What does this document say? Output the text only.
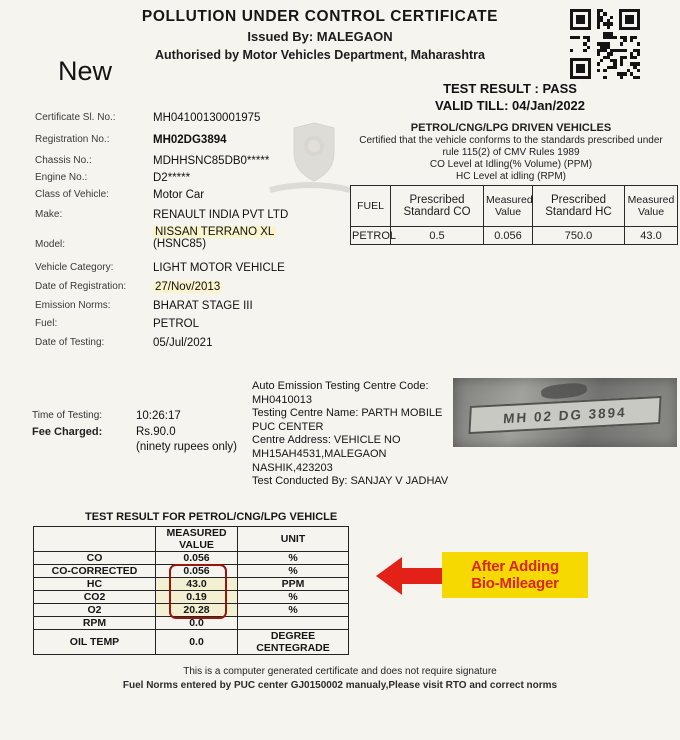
POLLUTION UNDER CONTROL CERTIFICATE
Issued By: MALEGAON
Authorised by Motor Vehicles Department, Maharashtra
New
TEST RESULT : PASS
VALID TILL: 04/Jan/2022
Certificate Sl. No.:	MH04100130001975
Registration No.:	MH02DG3894
Chassis No.:	MDHHSNC85DB0*****
Engine No.:	D2*****
Class of Vehicle:	Motor Car
Make:	RENAULT INDIA PVT LTD
Model:
NISSAN TERRANO XL
(HSNC85)
Vehicle Category:	LIGHT MOTOR VEHICLE
Date of Registration:	27/Nov/2013
Emission Norms:	BHARAT STAGE III
Fuel:	PETROL
Date of Testing:	05/Jul/2021
PETROL/CNG/LPG DRIVEN VEHICLES
Certified that the vehicle conforms to the standards prescribed under
rule 115(2) of CMV Rules 1989
CO Level at Idling(% Volume) (PPM)
HC Level at idling (RPM)
FUEL	Prescribed Standard CO	Measured Value	Prescribed Standard HC	Measured Value
PETROL	0.5	0.056	750.0	43.0
Time of Testing:	10:26:17
Fee Charged:	Rs.90.0
(ninety rupees only)
Auto Emission Testing Centre Code:
MH0410013
Testing Centre Name: PARTH MOBILE
PUC CENTER
Centre Address: VEHICLE NO
MH15AH4531,MALEGAON
NASHIK,423203
Test Conducted By: SANJAY V JADHAV
MH 02 DG 3894
TEST RESULT FOR PETROL/CNG/LPG VEHICLE
	MEASURED VALUE	UNIT
CO	0.056	%
CO-CORRECTED	0.056	%
HC	43.0	PPM
CO2	0.19	%
O2	20.28	%
RPM	0.0	
OIL TEMP	0.0	DEGREE CENTEGRADE
After Adding
Bio-Mileager
This is a computer generated certificate and does not require signature
Fuel Norms entered by PUC center GJ0150002 manualy,Please visit RTO and correct norms
